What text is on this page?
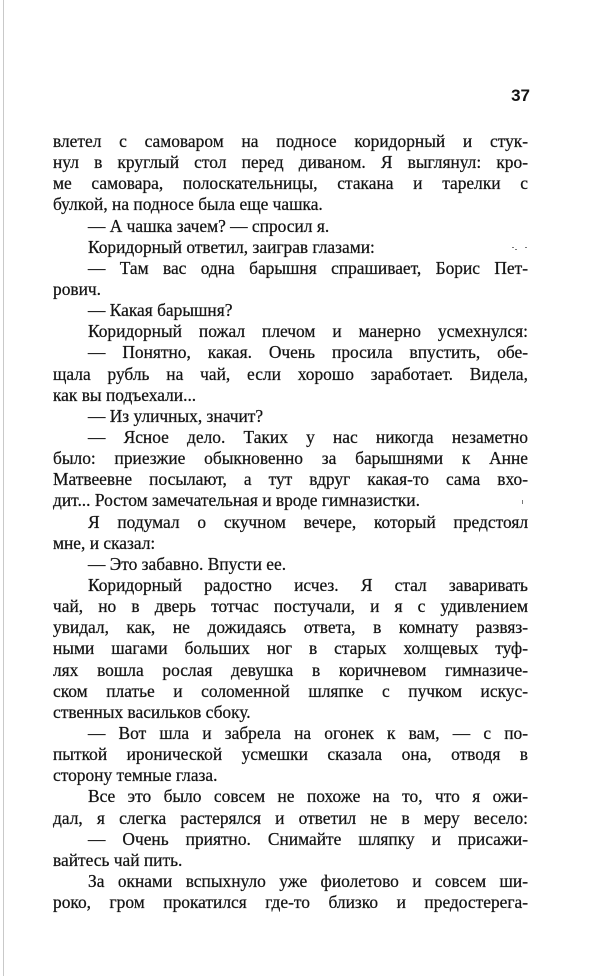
37
влетел с самоваром на подносе коридорный и стук-
нул в круглый стол перед диваном. Я выглянул: кро-
ме самовара, полоскательницы, стакана и тарелки с
булкой, на подносе была еще чашка.
— А чашка зачем? — спросил я.
Коридорный ответил, заиграв глазами:
— Там вас одна барышня спрашивает, Борис Пет-
рович.
— Какая барышня?
Коридорный пожал плечом и манерно усмехнулся:
— Понятно, какая. Очень просила впустить, обе-
щала рубль на чай, если хорошо заработает. Видела,
как вы подъехали...
— Из уличных, значит?
— Ясное дело. Таких у нас никогда незаметно
было: приезжие обыкновенно за барышнями к Анне
Матвеевне посылают, а тут вдруг какая-то сама вхо-
дит... Ростом замечательная и вроде гимназистки.
Я подумал о скучном вечере, который предстоял
мне, и сказал:
— Это забавно. Впусти ее.
Коридорный радостно исчез. Я стал заваривать
чай, но в дверь тотчас постучали, и я с удивлением
увидал, как, не дожидаясь ответа, в комнату развяз-
ными шагами больших ног в старых холщевых туф-
лях вошла рослая девушка в коричневом гимназиче-
ском платье и соломенной шляпке с пучком искус-
ственных васильков сбоку.
— Вот шла и забрела на огонек к вам, — с по-
пыткой иронической усмешки сказала она, отводя в
сторону темные глаза.
Все это было совсем не похоже на то, что я ожи-
дал, я слегка растерялся и ответил не в меру весело:
— Очень приятно. Снимайте шляпку и присажи-
вайтесь чай пить.
За окнами вспыхнуло уже фиолетово и совсем ши-
роко, гром прокатился где-то близко и предостерега-
